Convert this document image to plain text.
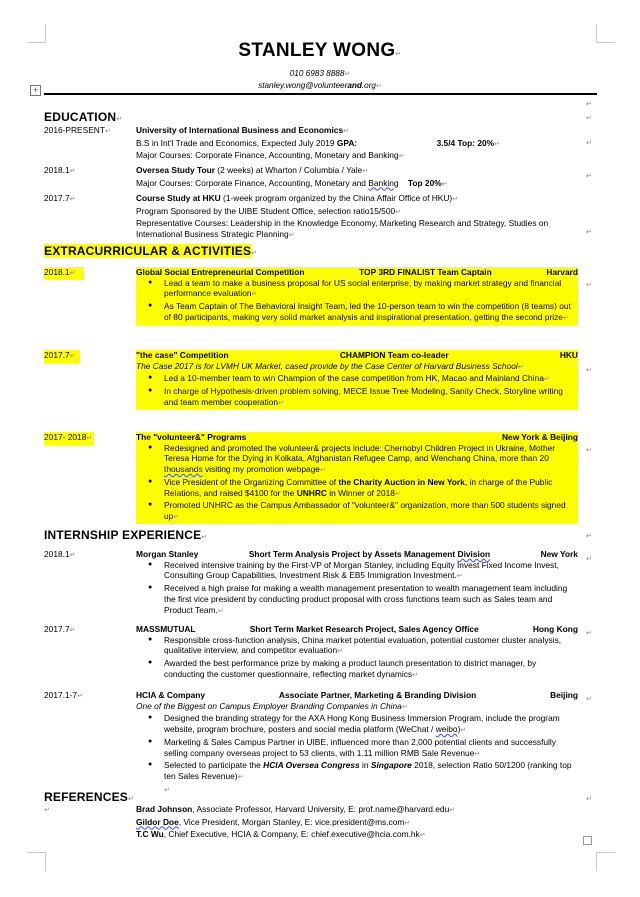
+
STANLEY WONG↵
010 6983 8888↵
stanley.wong@volunteerand.org↵
↵
EDUCATION↵	↵
2016-PRESENT↵	University of International Business and Economics↵
B.S in Int'l Trade and Economics, Expected July 2019 GPA:	3.5/4 Top: 20%↵
Major Courses: Corporate Finance, Accounting, Monetary and Banking↵
↵
2018.1↵	Oversea Study Tour (2 weeks) at Wharton / Columbia / Yale↵
Major Courses: Corporate Finance, Accounting, Monetary and Banking Top 20%↵
↵
2017.7↵	Course Study at HKU (1-week program organized by the China Affair Office of HKU)↵
Program Sponsored by the UIBE Student Office, selection ratio15/500↵
Representative Courses: Leadership in the Knowledge Economy, Marketing Research and Strategy, Studies on International Business Strategic Planning↵	↵
EXTRACURRICULAR & ACTIVITIES↵
2018.1↵	Global Social Entrepreneurial Competition	TOP 3RD FINALIST Team Captain	Harvard
● Lead a team to make a business proposal for US social enterprise, by making market strategy and financial performance evaluation↵
● As Team Captain of The Behavioral Insight Team, led the 10-person team to win the competition (8 teams) out of 80 participants, making very solid market analysis and inspirational presentation, getting the second prize↵
↵
2017.7↵	"the case" Competition	CHAMPION Team co-leader	HKU
The Case 2017 is for LVMH UK Market, cased provide by the Case Center of Harvard Business School↵
● Led a 10-member team to win Champion of the case competition from HK, Macao and Mainland China↵
● In charge of Hypothesis-driven problem solving, MECE Issue Tree Modeling, Sanity Check, Storyline writing and team member cooperation↵
↵
2017- 2018↵	The "volunteer&" Programs	New York & Beijing
● Redesigned and promoted the volunteer& projects include: Chernobyl Children Project in Ukraine, Mother Teresa Home for the Dying in Kolkata, Afghanistan Refugee Camp, and Wenchang China, more than 20 thousands visiting my promotion webpage↵
● Vice President of the Organizing Committee of the Charity Auction in New York, in charge of the Public Relations, and raised $4100 for the UNHRC in Winner of 2018↵
● Promoted UNHRC as the Campus Ambassador of "volunteer&" organization, more than 500 students signed up↵
↵
INTERNSHIP EXPERIENCE↵	↵
2018.1↵	Morgan Stanley	Short Term Analysis Project by Assets Management Division	New York
● Received intensive training by the First-VP of Morgan Stanley, including Equity Invest Fixed Income Invest, Consulting Group Capabilities, Investment Risk & EB5 Immigration Investment.↵
● Received a high praise for making a wealth management presentation to wealth management team including the first vice president by conducting product proposal with cross functions team such as Sales team and Product Team.↵
↵
2017.7↵	MASSMUTUAL	Short Term Market Research Project, Sales Agency Office	Hong Kong
● Responsible cross-function analysis, China market potential evaluation, potential customer cluster analysis, qualitative interview, and competitor evaluation↵
● Awarded the best performance prize by making a product launch presentation to district manager, by conducting the customer questionnaire, reflecting market dynamics↵
↵
2017.1-7↵	HCIA & Company	Associate Partner, Marketing & Branding Division	Beijing
One of the Biggest on Campus Employer Branding Companies in China↵
● Designed the branding strategy for the AXA Hong Kong Business Immersion Program, include the program website, program brochure, posters and social media platform (WeChat / weibo)↵
● Marketing & Sales Campus Partner in UIBE, influenced more than 2,000 potential clients and successfully selling company overseas project to 53 clients, with 1.11 million RMB Sale Revenue↵
● Selected to participate the HCIA Oversea Congress in Singapore 2018, selection Ratio 50/1200 (ranking top ten Sales Revenue)↵
↵
↵
REFERENCES↵	↵
↵	Brad Johnson, Associate Professor, Harvard University, E: prof.name@harvard.edu↵
Gildor Doe, Vice President, Morgan Stanley, E: vice.president@ms.com↵
T.C Wu, Chief Executive, HCIA & Company, E: chief.executive@hcia.com.hk↵
